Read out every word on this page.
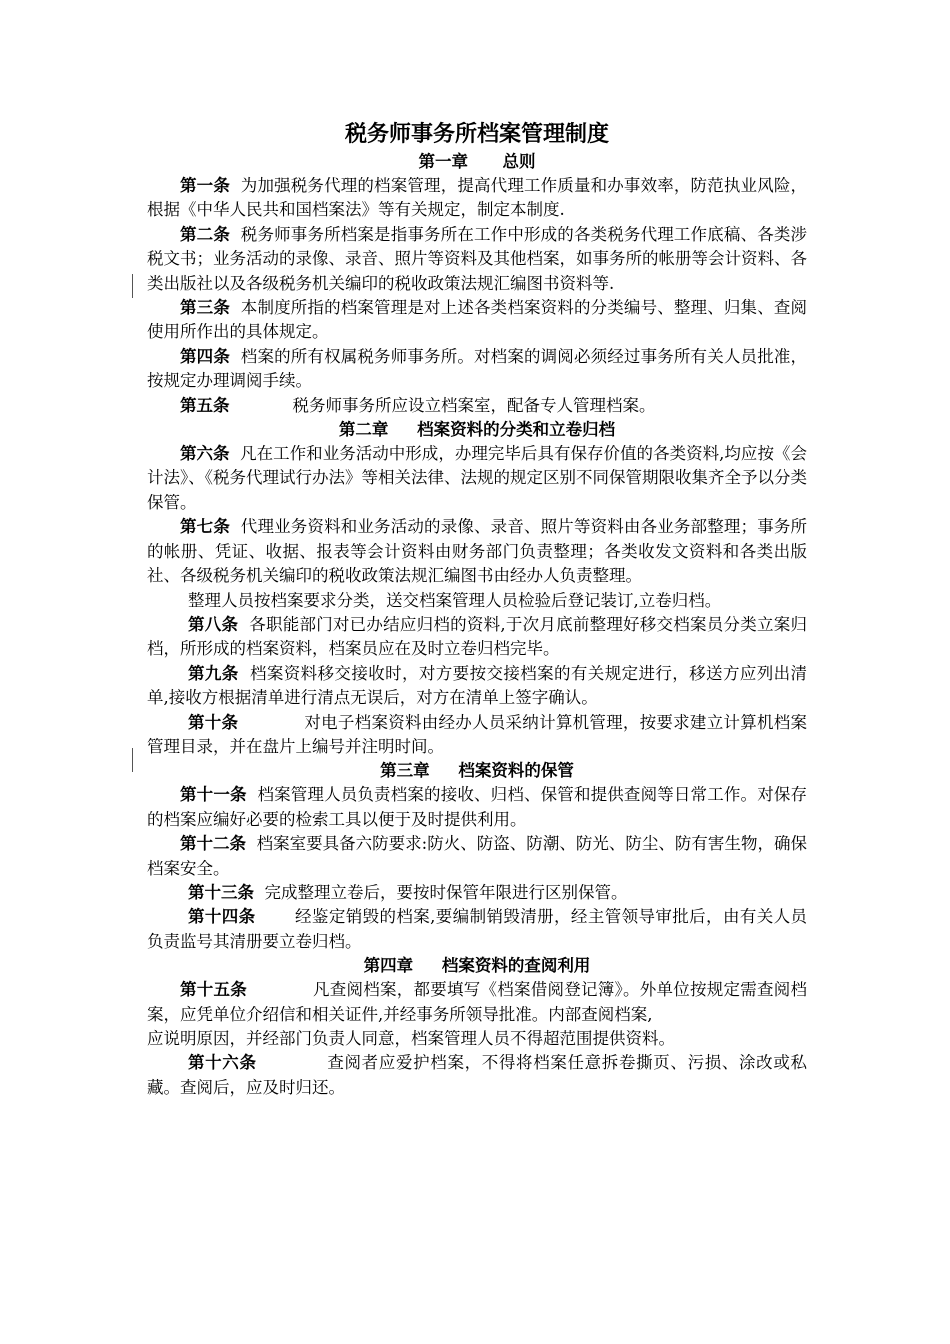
税务师事务所档案管理制度
第一章      总则

第一条 为加强税务代理的档案管理，提高代理工作质量和办事效率，防范执业风险，根据《中华人民共和国档案法》等有关规定，制定本制度.

第二条 税务师事务所档案是指事务所在工作中形成的各类税务代理工作底稿、各类涉税文书；业务活动的录像、录音、照片等资料及其他档案，如事务所的帐册等会计资料、各类出版社以及各级税务机关编印的税收政策法规汇编图书资料等.

第三条 本制度所指的档案管理是对上述各类档案资料的分类编号、整理、归集、查阅使用所作出的具体规定。

第四条 档案的所有权属税务师事务所。对档案的调阅必须经过事务所有关人员批准，按规定办理调阅手续。

第五条	税务师事务所应设立档案室，配备专人管理档案。

第二章     档案资料的分类和立卷归档

第六条 凡在工作和业务活动中形成，办理完毕后具有保存价值的各类资料,均应按《会计法》、《税务代理试行办法》等相关法律、法规的规定区别不同保管期限收集齐全予以分类保管。

第七条 代理业务资料和业务活动的录像、录音、照片等资料由各业务部整理；事务所的帐册、凭证、收据、报表等会计资料由财务部门负责整理；各类收发文资料和各类出版社、各级税务机关编印的税收政策法规汇编图书由经办人负责整理。

整理人员按档案要求分类，送交档案管理人员检验后登记装订,立卷归档。

第八条 各职能部门对已办结应归档的资料,于次月底前整理好移交档案员分类立案归档，所形成的档案资料，档案员应在及时立卷归档完毕。

第九条 档案资料移交接收时，对方要按交接档案的有关规定进行，移送方应列出清单,接收方根据清单进行清点无误后，对方在清单上签字确认。

第十条	对电子档案资料由经办人员采纳计算机管理，按要求建立计算机档案管理目录，并在盘片上编号并注明时间。

第三章     档案资料的保管

第十一条 档案管理人员负责档案的接收、归档、保管和提供查阅等日常工作。对保存的档案应编好必要的检索工具以便于及时提供利用。

第十二条 档案室要具备六防要求:防火、防盗、防潮、防光、防尘、防有害生物，确保档案安全。

第十三条 完成整理立卷后，要按时保管年限进行区别保管。

第十四条 经鉴定销毁的档案,要编制销毁清册，经主管领导审批后，由有关人员负责监号其清册要立卷归档。

第四章     档案资料的查阅利用

第十五条	凡查阅档案，都要填写《档案借阅登记簿》。外单位按规定需查阅档案，应凭单位介绍信和相关证件,并经事务所领导批准。内部查阅档案,

应说明原因，并经部门负责人同意，档案管理人员不得超范围提供资料。

第十六条	查阅者应爱护档案，不得将档案任意拆卷撕页、污损、涂改或私藏。查阅后，应及时归还。
